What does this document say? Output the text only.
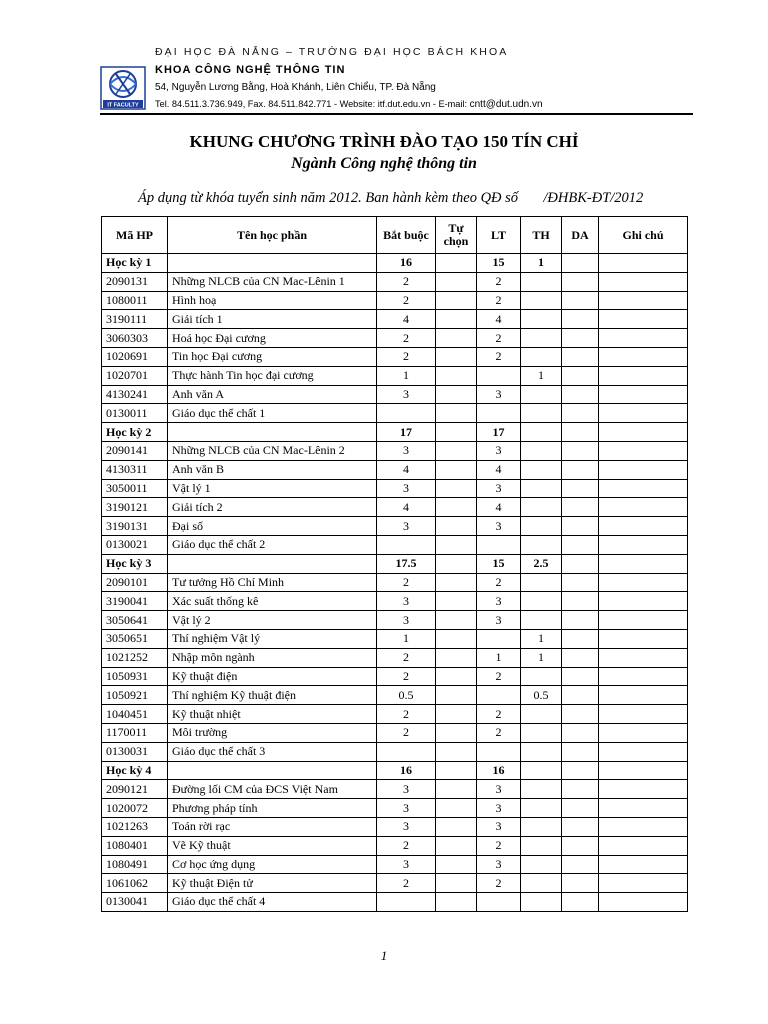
ĐẠI HỌC ĐÀ NẴNG – TRƯỜNG ĐẠI HỌC BÁCH KHOA
IT FACULTY
KHOA CÔNG NGHỆ THÔNG TIN
54, Nguyễn Lương Bằng, Hoà Khánh, Liên Chiểu, TP. Đà Nẵng
Tel. 84.511.3.736.949, Fax. 84.511.842.771 - Website: itf.dut.edu.vn - E-mail: cntt@dut.udn.vn
KHUNG CHƯƠNG TRÌNH ĐÀO TẠO 150 TÍN CHỈ
Ngành Công nghệ thông tin
Áp dụng từ khóa tuyển sinh năm 2012. Ban hành kèm theo QĐ số       /ĐHBK-ĐT/2012
Mã HP	Tên học phần	Bắt buộc	Tự chọn	LT	TH	DA	Ghi chú
Học kỳ 1		16		15	1		
2090131	Những NLCB của CN Mac-Lênin 1	2		2			
1080011	Hình hoạ	2		2			
3190111	Giải tích 1	4		4			
3060303	Hoá học Đại cương	2		2			
1020691	Tin học Đại cương	2		2			
1020701	Thực hành Tin học đại cương	1			1		
4130241	Anh văn A	3		3			
0130011	Giáo dục thể chất 1						
Học kỳ 2		17		17			
2090141	Những NLCB của CN Mac-Lênin 2	3		3			
4130311	Anh văn B	4		4			
3050011	Vật lý 1	3		3			
3190121	Giải tích 2	4		4			
3190131	Đại số	3		3			
0130021	Giáo dục thể chất 2						
Học kỳ 3		17.5		15	2.5		
2090101	Tư tưởng Hồ Chí Minh	2		2			
3190041	Xác suất thống kê	3		3			
3050641	Vật lý 2	3		3			
3050651	Thí nghiệm Vật lý	1			1		
1021252	Nhập môn ngành	2		1	1		
1050931	Kỹ thuật điện	2		2			
1050921	Thí nghiệm Kỹ thuật điện	0.5			0.5		
1040451	Kỹ thuật nhiệt	2		2			
1170011	Môi trường	2		2			
0130031	Giáo dục thể chất 3						
Học kỳ 4		16		16			
2090121	Đường lối CM của ĐCS Việt Nam	3		3			
1020072	Phương pháp tính	3		3			
1021263	Toán rời rạc	3		3			
1080401	Vẽ Kỹ thuật	2		2			
1080491	Cơ học ứng dụng	3		3			
1061062	Kỹ thuật Điện tử	2		2			
0130041	Giáo dục thể chất 4						
1
